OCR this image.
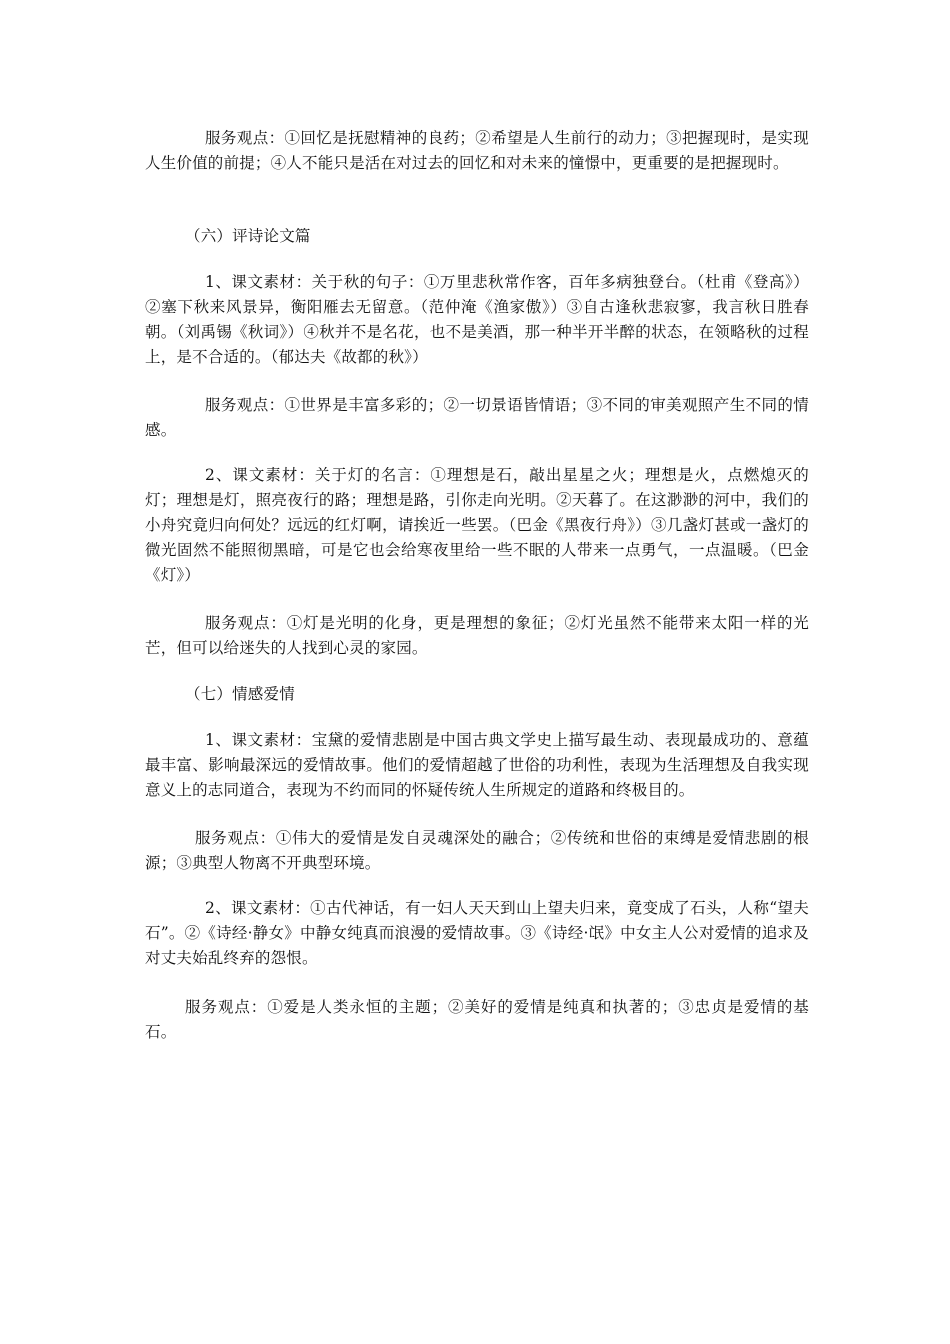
服务观点：①回忆是抚慰精神的良药；②希望是人生前行的动力；③把握现时，是实现人生价值的前提；④人不能只是活在对过去的回忆和对未来的憧憬中，更重要的是把握现时。

（六）评诗论文篇

1、课文素材：关于秋的句子：①万里悲秋常作客，百年多病独登台。（杜甫《登高》）②塞下秋来风景异，衡阳雁去无留意。（范仲淹《渔家傲》）③自古逢秋悲寂寥，我言秋日胜春朝。（刘禹锡《秋词》）④秋并不是名花，也不是美酒，那一种半开半醉的状态，在领略秋的过程上，是不合适的。（郁达夫《故都的秋》）

服务观点：①世界是丰富多彩的；②一切景语皆情语；③不同的审美观照产生不同的情感。

2、课文素材：关于灯的名言：①理想是石，敲出星星之火；理想是火，点燃熄灭的灯；理想是灯，照亮夜行的路；理想是路，引你走向光明。②天暮了。在这渺渺的河中，我们的小舟究竟归向何处？远远的红灯啊，请挨近一些罢。（巴金《黑夜行舟》）③几盏灯甚或一盏灯的微光固然不能照彻黑暗，可是它也会给寒夜里给一些不眠的人带来一点勇气，一点温暖。（巴金《灯》）

服务观点：①灯是光明的化身，更是理想的象征；②灯光虽然不能带来太阳一样的光芒，但可以给迷失的人找到心灵的家园。

（七）情感爱情

1、课文素材：宝黛的爱情悲剧是中国古典文学史上描写最生动、表现最成功的、意蕴最丰富、影响最深远的爱情故事。他们的爱情超越了世俗的功利性，表现为生活理想及自我实现意义上的志同道合，表现为不约而同的怀疑传统人生所规定的道路和终极目的。

服务观点：①伟大的爱情是发自灵魂深处的融合；②传统和世俗的束缚是爱情悲剧的根源；③典型人物离不开典型环境。

2、课文素材：①古代神话，有一妇人天天到山上望夫归来，竟变成了石头，人称“望夫石”。②《诗经·静女》中静女纯真而浪漫的爱情故事。③《诗经·氓》中女主人公对爱情的追求及对丈夫始乱终弃的怨恨。

服务观点：①爱是人类永恒的主题；②美好的爱情是纯真和执著的；③忠贞是爱情的基石。
